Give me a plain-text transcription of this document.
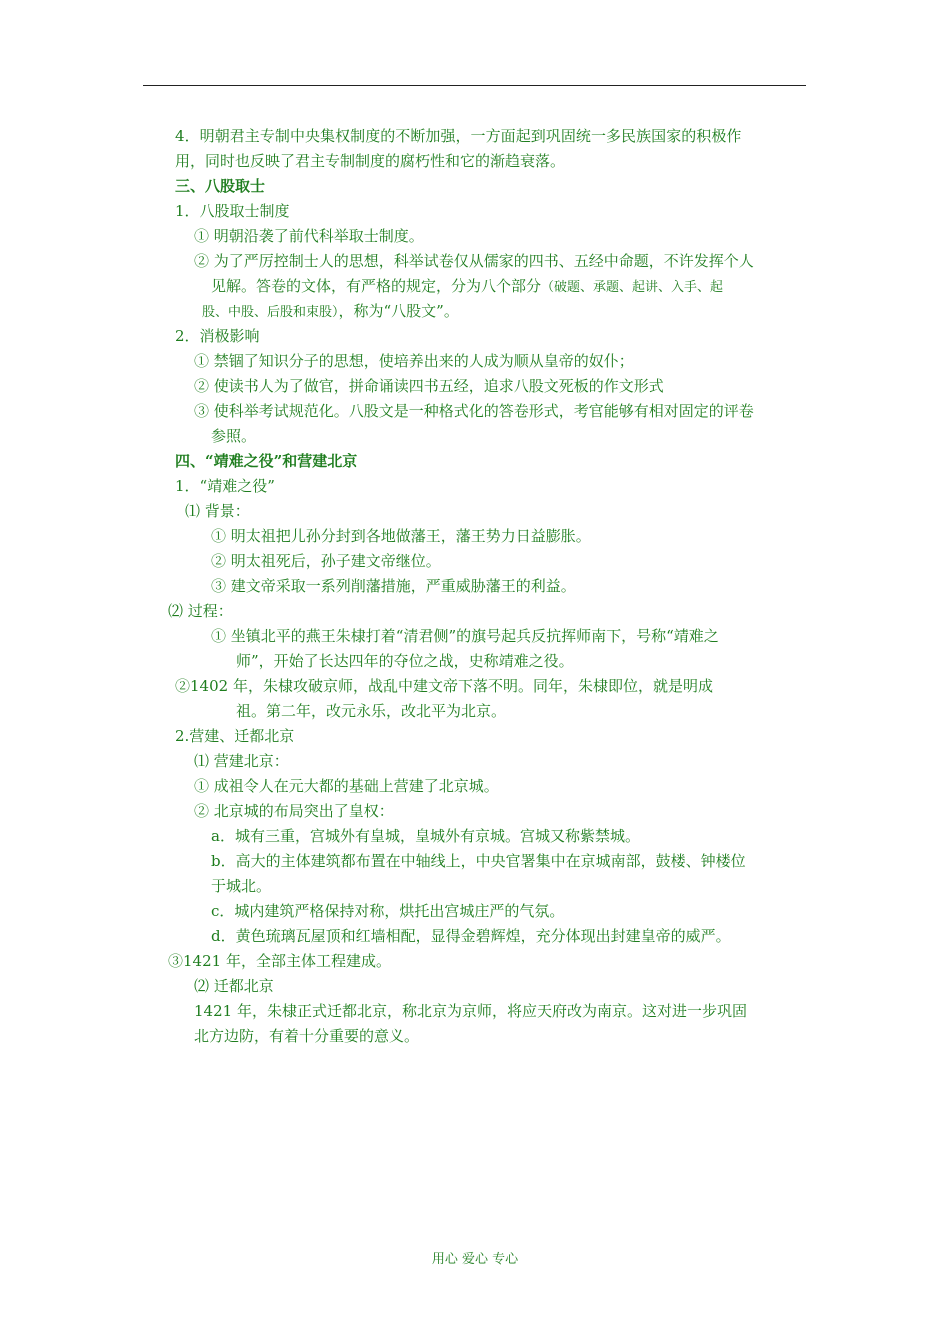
4．明朝君主专制中央集权制度的不断加强，一方面起到巩固统一多民族国家的积极作
用，同时也反映了君主专制制度的腐朽性和它的渐趋衰落。
三、八股取士
1．八股取士制度
① 明朝沿袭了前代科举取士制度。
② 为了严厉控制士人的思想，科举试卷仅从儒家的四书、五经中命题，不许发挥个人
见解。答卷的文体，有严格的规定，分为八个部分（破题、承题、起讲、入手、起
股、中股、后股和束股），称为“八股文”。
2．消极影响
① 禁锢了知识分子的思想，使培养出来的人成为顺从皇帝的奴仆；
② 使读书人为了做官，拼命诵读四书五经，追求八股文死板的作文形式
③ 使科举考试规范化。八股文是一种格式化的答卷形式，考官能够有相对固定的评卷
参照。
四、“靖难之役”和营建北京
1．“靖难之役”
⑴ 背景：
① 明太祖把儿孙分封到各地做藩王，藩王势力日益膨胀。
② 明太祖死后，孙子建文帝继位。
③ 建文帝采取一系列削藩措施，严重威胁藩王的利益。
⑵ 过程：
① 坐镇北平的燕王朱棣打着“清君侧”的旗号起兵反抗挥师南下，号称“靖难之
师”，开始了长达四年的夺位之战，史称靖难之役。
②1402 年，朱棣攻破京师，战乱中建文帝下落不明。同年，朱棣即位，就是明成
祖。第二年，改元永乐，改北平为北京。
2.营建、迁都北京
⑴ 营建北京：
① 成祖令人在元大都的基础上营建了北京城。
② 北京城的布局突出了皇权：
a．城有三重，宫城外有皇城，皇城外有京城。宫城又称紫禁城。
b．高大的主体建筑都布置在中轴线上，中央官署集中在京城南部，鼓楼、钟楼位
于城北。
c．城内建筑严格保持对称，烘托出宫城庄严的气氛。
d．黄色琉璃瓦屋顶和红墙相配，显得金碧辉煌，充分体现出封建皇帝的威严。
③1421 年，全部主体工程建成。
⑵ 迁都北京
1421 年，朱棣正式迁都北京，称北京为京师，将应天府改为南京。这对进一步巩固
北方边防，有着十分重要的意义。
用心 爱心 专心
